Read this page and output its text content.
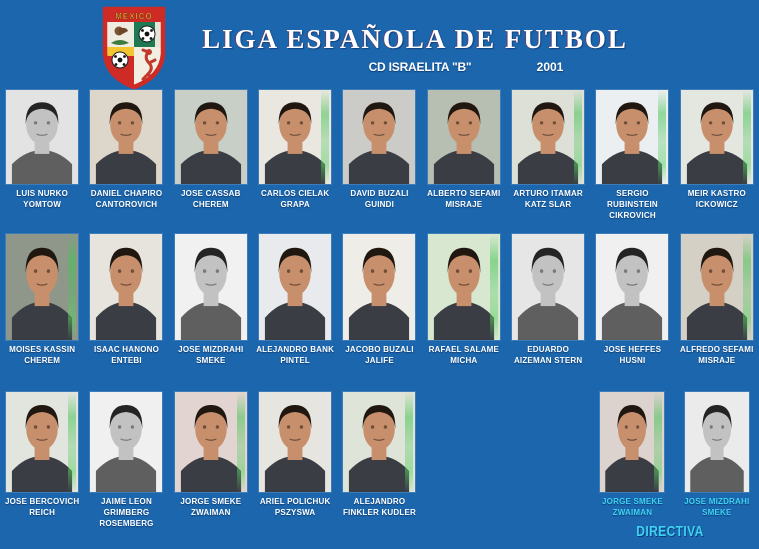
MEXICO
LIGA ESPAÑOLA DE FUTBOL
CD ISRAELITA "B"	2001
LUIS NURKO
YOMTOW
DANIEL CHAPIRO
CANTOROVICH
JOSE CASSAB
CHEREM
CARLOS CIELAK
GRAPA
DAVID BUZALI
GUINDI
ALBERTO SEFAMI
MISRAJE
ARTURO ITAMAR
KATZ SLAR
SERGIO
RUBINSTEIN
CIKROVICH
MEIR KASTRO
ICKOWICZ
MOISES KASSIN
CHEREM
ISAAC HANONO
ENTEBI
JOSE MIZDRAHI
SMEKE
ALEJANDRO BANK
PINTEL
JACOBO BUZALI
JALIFE
RAFAEL SALAME
MICHA
EDUARDO
AIZEMAN STERN
JOSE HEFFES
HUSNI
ALFREDO SEFAMI
MISRAJE
JOSE BERCOVICH
REICH
JAIME LEON
GRIMBERG
ROSEMBERG
JORGE SMEKE
ZWAIMAN
ARIEL POLICHUK
PSZYSWA
ALEJANDRO
FINKLER KUDLER
JORGE SMEKE
ZWAIMAN
JOSE MIZDRAHI
SMEKE
DIRECTIVA
